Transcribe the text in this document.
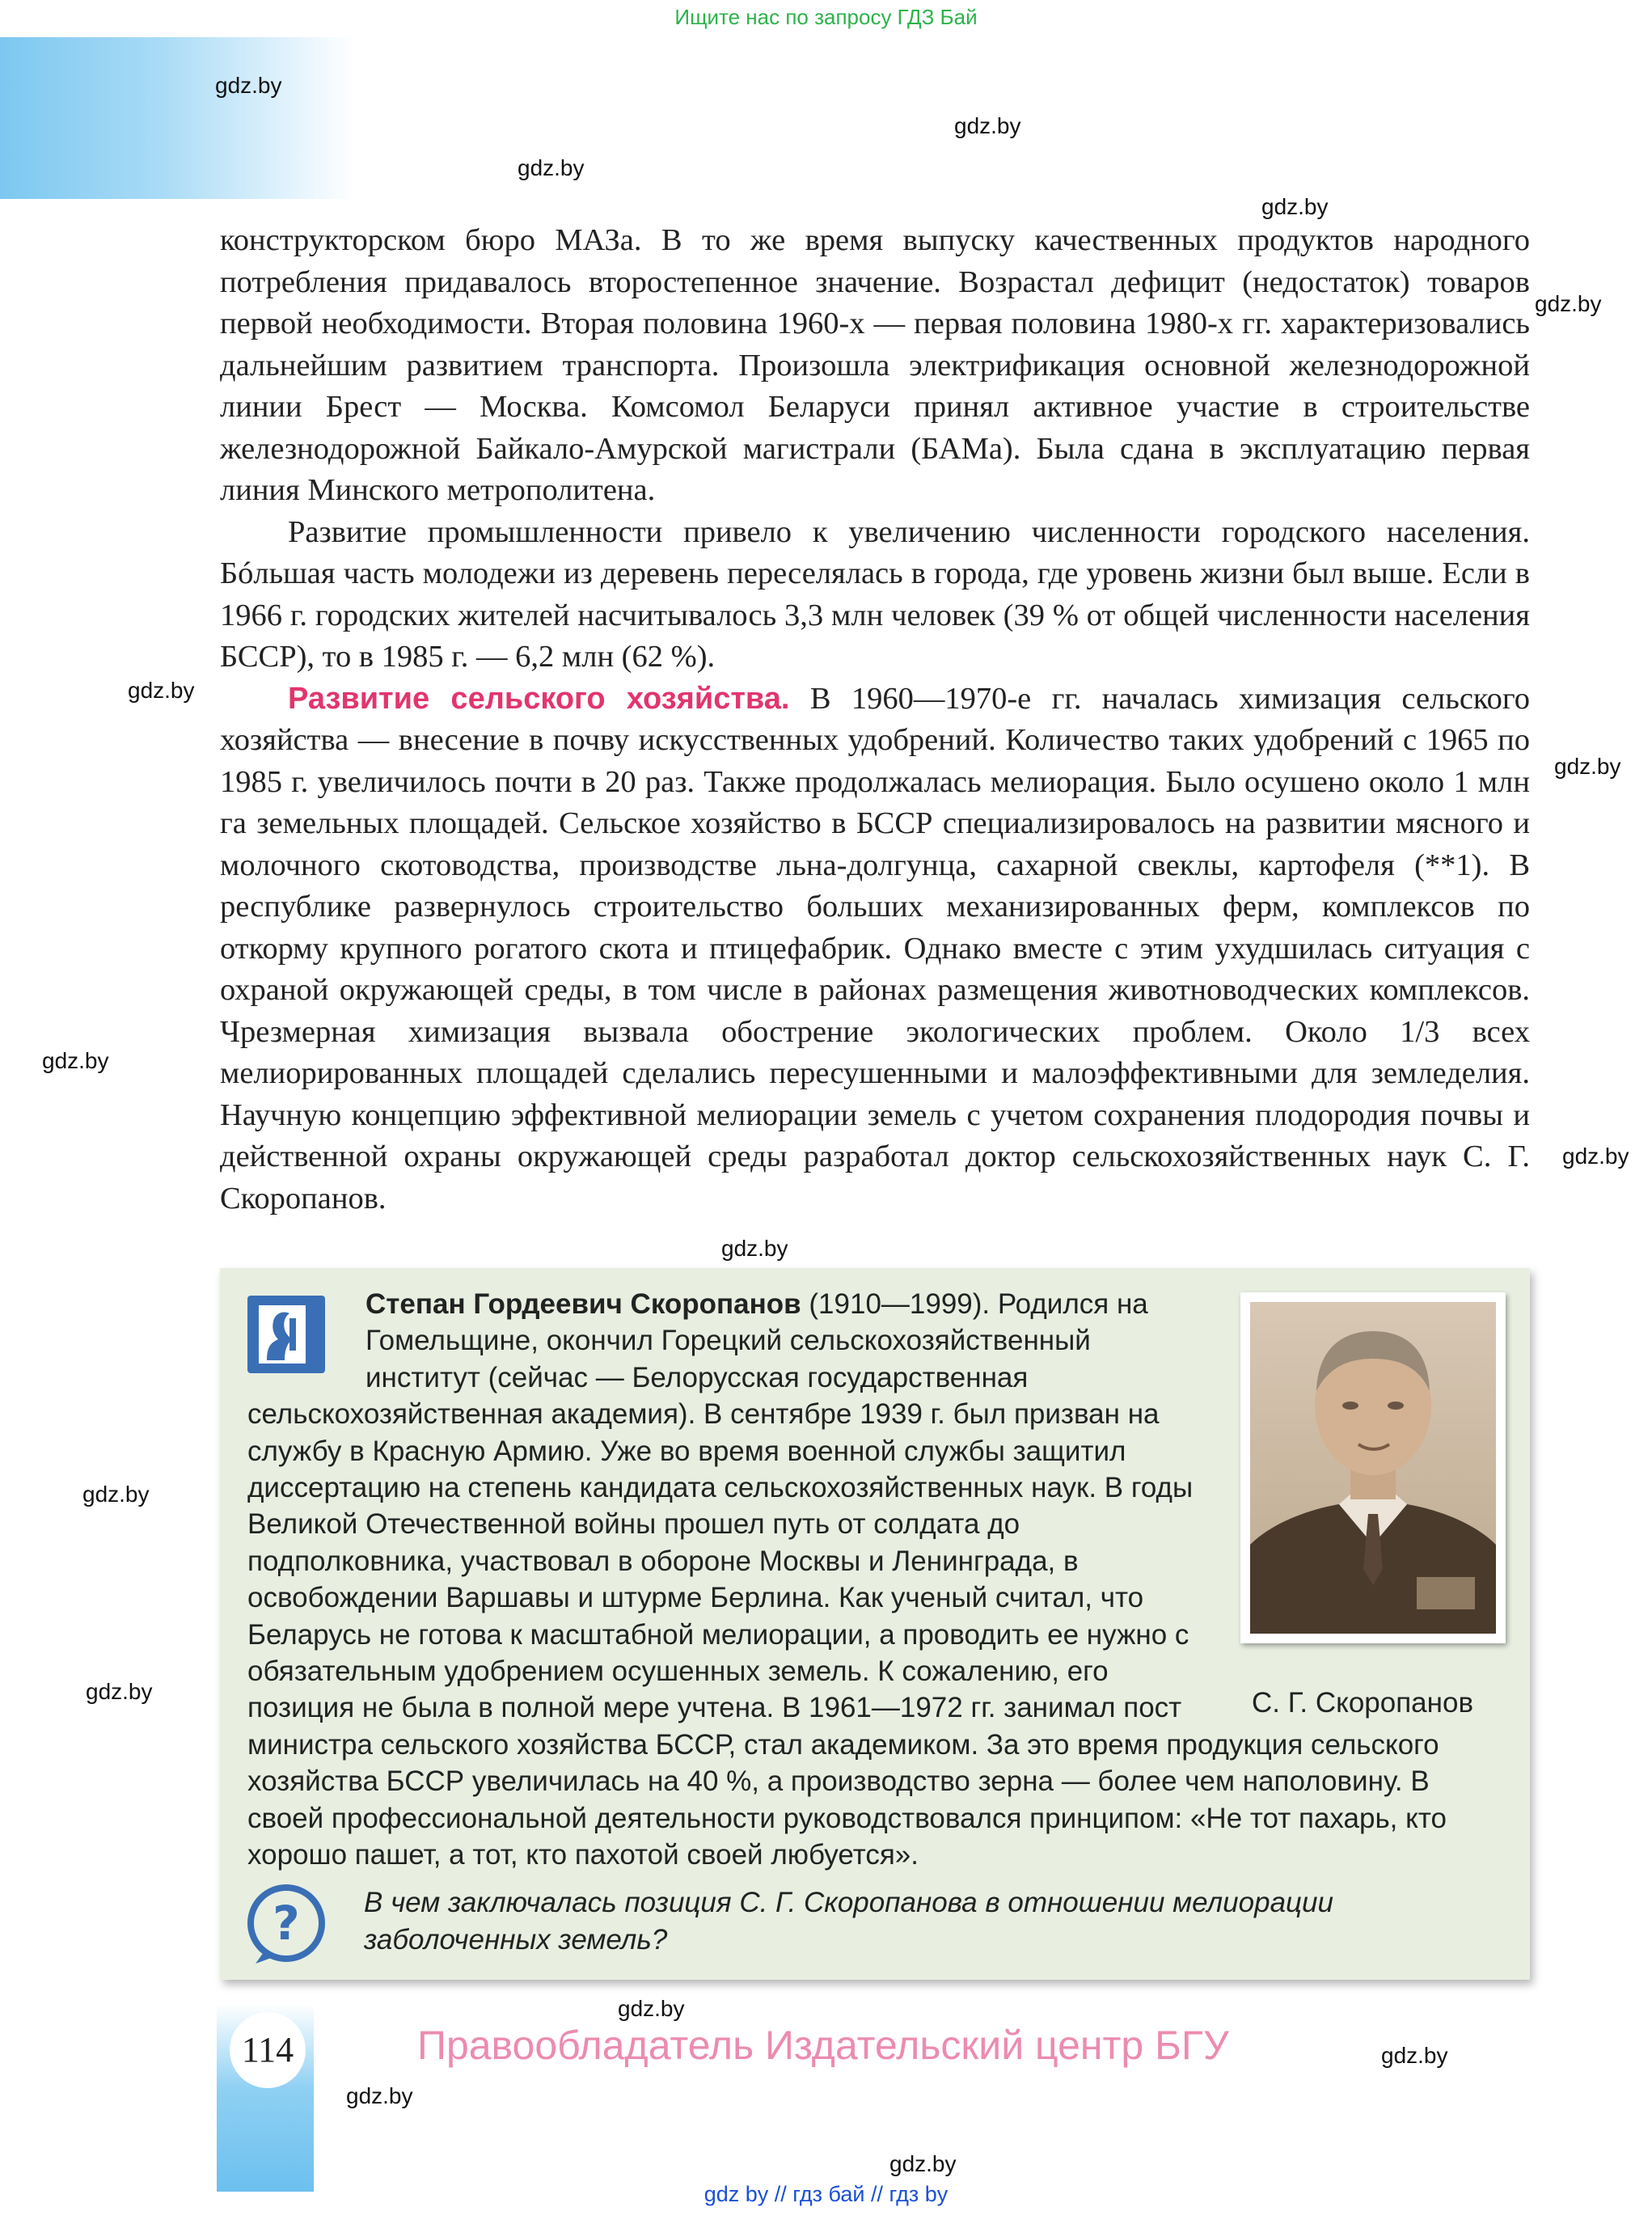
Ищите нас по запросу ГДЗ Бай
gdz.by
gdz.by
gdz.by
gdz.by
gdz.by
gdz.by
gdz.by
gdz.by
gdz.by
gdz.by
gdz.by
gdz.by
gdz.by
gdz.by
gdz.by
gdz.by

конструкторском бюро МАЗа. В то же время выпуску качественных продуктов народного потребления придавалось второстепенное значение. Возрастал дефицит (недостаток) товаров первой необходимости. Вторая половина 1960-х — первая половина 1980-х гг. характеризовались дальнейшим развитием транспорта. Произошла электрификация основной железнодорожной линии Брест — Москва. Комсомол Беларуси принял активное участие в строительстве железнодорожной Байкало-Амурской магистрали (БАМа). Была сдана в эксплуатацию первая линия Минского метрополитена.

Развитие промышленности привело к увеличению численности городского населения. Бóльшая часть молодежи из деревень переселялась в города, где уровень жизни был выше. Если в 1966 г. городских жителей насчитывалось 3,3 млн человек (39 % от общей численности населения БССР), то в 1985 г. — 6,2 млн (62 %).

Развитие сельского хозяйства. В 1960—1970-е гг. началась химизация сельского хозяйства — внесение в почву искусственных удобрений. Количество таких удобрений с 1965 по 1985 г. увеличилось почти в 20 раз. Также продолжалась мелиорация. Было осушено около 1 млн га земельных площадей. Сельское хозяйство в БССР специализировалось на развитии мясного и молочного скотоводства, производстве льна-долгунца, сахарной свеклы, картофеля (**1). В республике развернулось строительство больших механизированных ферм, комплексов по откорму крупного рогатого скота и птицефабрик. Однако вместе с этим ухудшилась ситуация с охраной окружающей среды, в том числе в районах размещения животноводческих комплексов. Чрезмерная химизация вызвала обострение экологических проблем. Около 1/3 всех мелиорированных площадей сделались пересушенными и малоэффективными для земледелия. Научную концепцию эффективной мелиорации земель с учетом сохранения плодородия почвы и действенной охраны окружающей среды разработал доктор сельскохозяйственных наук С. Г. Скоропанов.

Степан Гордеевич Скоропанов (1910—1999). Родился на Гомельщине, окончил Горецкий сельскохозяйственный институт (сейчас — Белорусская государственная сельскохозяйственная академия). В сентябре 1939 г. был призван на службу в Красную Армию. Уже во время военной службы защитил диссертацию на степень кандидата сельскохозяйственных наук. В годы Великой Отечественной войны прошел путь от солдата до подполковника, участвовал в обороне Москвы и Ленинграда, в освобождении Варшавы и штурме Берлина. Как ученый считал, что Беларусь не готова к масштабной мелиорации, а проводить ее нужно с обязательным удобрением осушенных земель. К сожалению, его позиция не была в полной мере учтена. В 1961—1972 гг. занимал пост
министра сельского хозяйства БССР, стал академиком. За это время продукция сельского хозяйства БССР увеличилась на 40 %, а производство зерна — более чем наполовину. В своей профессиональной деятельности руководствовался принципом: «Не тот пахарь, кто хорошо пашет, а тот, кто пахотой своей любуется».
С. Г. Скоропанов
? В чем заключалась позиция С. Г. Скоропанова в отношении мелиорации заболоченных земель?
114	Правообладатель Издательский центр БГУ
gdz by // гдз бай // гдз by
